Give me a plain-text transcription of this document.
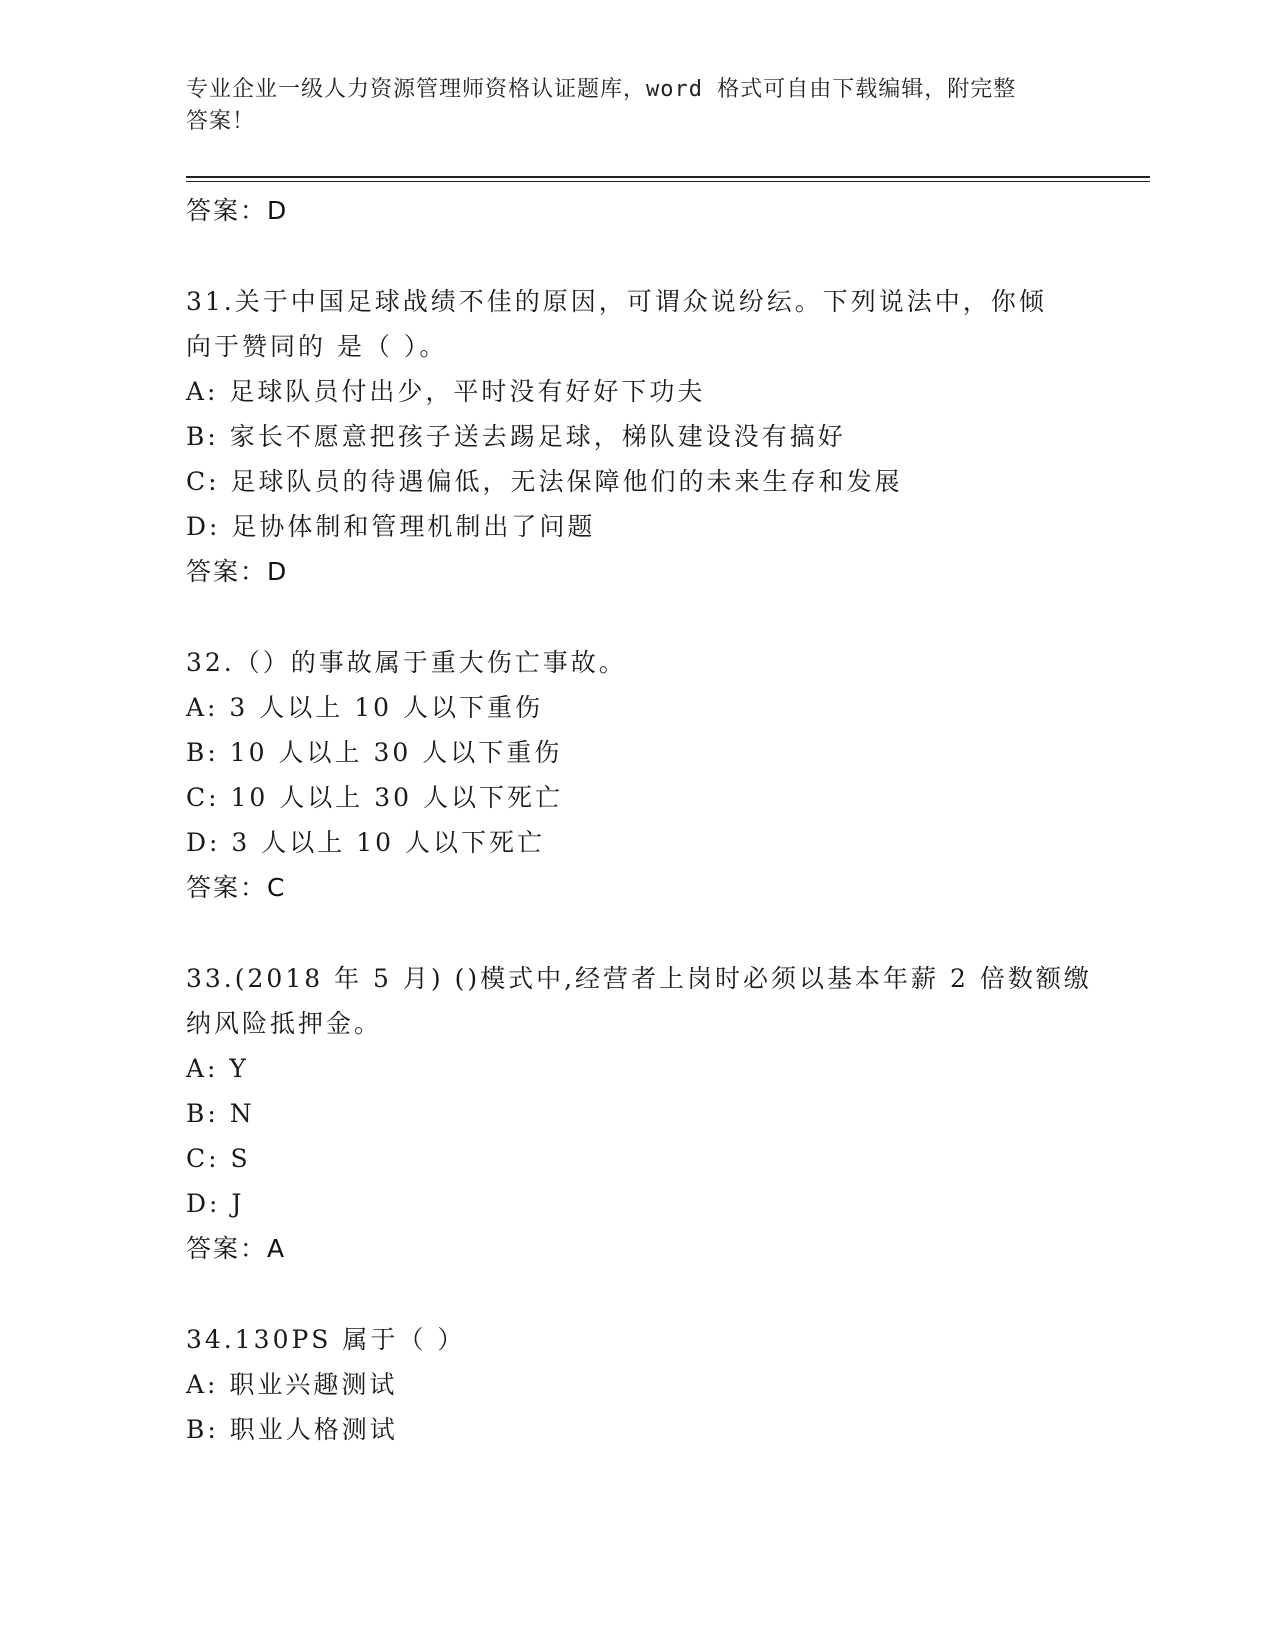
专业企业一级人力资源管理师资格认证题库，word 格式可自由下载编辑，附完整
答案！
答案：D
31.关于中国足球战绩不佳的原因，可谓众说纷纭。下列说法中，你倾
向于赞同的 是（ ）。
A: 足球队员付出少，平时没有好好下功夫
B: 家长不愿意把孩子送去踢足球，梯队建设没有搞好
C: 足球队员的待遇偏低，无法保障他们的未来生存和发展
D: 足协体制和管理机制出了问题
答案：D
32.（）的事故属于重大伤亡事故。
A: 3 人以上 10 人以下重伤
B: 10 人以上 30 人以下重伤
C: 10 人以上 30 人以下死亡
D: 3 人以上 10 人以下死亡
答案：C
33.(2018 年 5 月) ()模式中,经营者上岗时必须以基本年薪 2 倍数额缴
纳风险抵押金。
A: Y
B: N
C: S
D: J
答案：A
34.130PS 属于（ ）
A: 职业兴趣测试
B: 职业人格测试
